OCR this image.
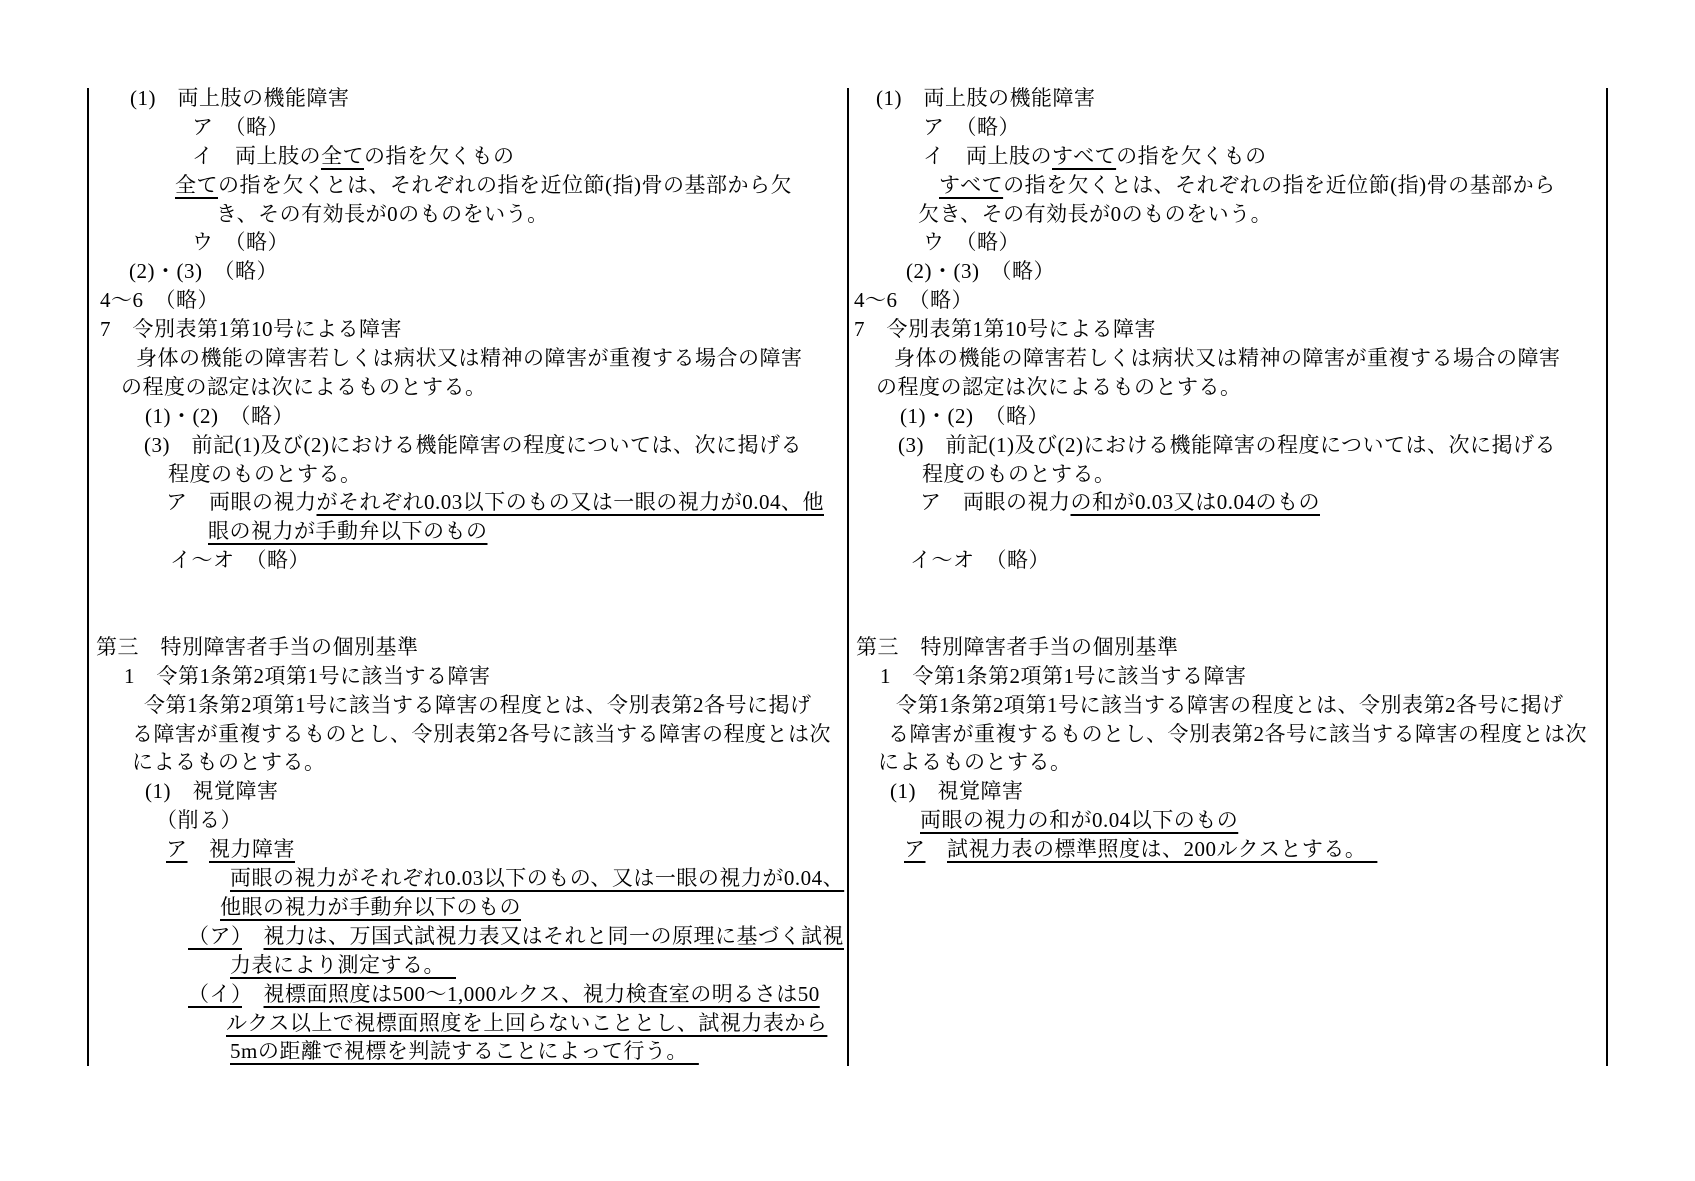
(1)　両上肢の機能障害
ア　（略）
イ　両上肢の全ての指を欠くもの
全ての指を欠くとは、それぞれの指を近位節(指)骨の基部から欠
き、その有効長が0のものをいう。
ウ　（略）
(2)・(3)　（略）
4～6　（略）
7　令別表第1第10号による障害
身体の機能の障害若しくは病状又は精神の障害が重複する場合の障害
の程度の認定は次によるものとする。
(1)・(2)　（略）
(3)　前記(1)及び(2)における機能障害の程度については、次に掲げる
程度のものとする。
ア　両眼の視力がそれぞれ0.03以下のもの又は一眼の視力が0.04、他
眼の視力が手動弁以下のもの
イ～オ　（略）
第三　特別障害者手当の個別基準
1　令第1条第2項第1号に該当する障害
令第1条第2項第1号に該当する障害の程度とは、令別表第2各号に掲げ
る障害が重複するものとし、令別表第2各号に該当する障害の程度とは次
によるものとする。
(1)　視覚障害
（削る）
ア　 視力障害
両眼の視力がそれぞれ0.03以下のもの、又は一眼の視力が0.04、
他眼の視力が手動弁以下のもの
（ア）　 視力は、万国式試視力表又はそれと同一の原理に基づく試視
力表により測定する。　
（イ）　 視標面照度は500～1,000ルクス、視力検査室の明るさは50
ルクス以上で視標面照度を上回らないこととし、試視力表から
5mの距離で視標を判読することによって行う。　
(1)　両上肢の機能障害
ア　（略）
イ　両上肢のすべての指を欠くもの
すべての指を欠くとは、それぞれの指を近位節(指)骨の基部から
欠き、その有効長が0のものをいう。
ウ　（略）
(2)・(3)　（略）
4～6　（略）
7　令別表第1第10号による障害
身体の機能の障害若しくは病状又は精神の障害が重複する場合の障害
の程度の認定は次によるものとする。
(1)・(2)　（略）
(3)　前記(1)及び(2)における機能障害の程度については、次に掲げる
程度のものとする。
ア　両眼の視力の和が0.03又は0.04のもの
イ～オ　（略）
第三　特別障害者手当の個別基準
1　令第1条第2項第1号に該当する障害
令第1条第2項第1号に該当する障害の程度とは、令別表第2各号に掲げ
る障害が重複するものとし、令別表第2各号に該当する障害の程度とは次
によるものとする。
(1)　視覚障害
両眼の視力の和が0.04以下のもの
ア　 試視力表の標準照度は、200ルクスとする。　
